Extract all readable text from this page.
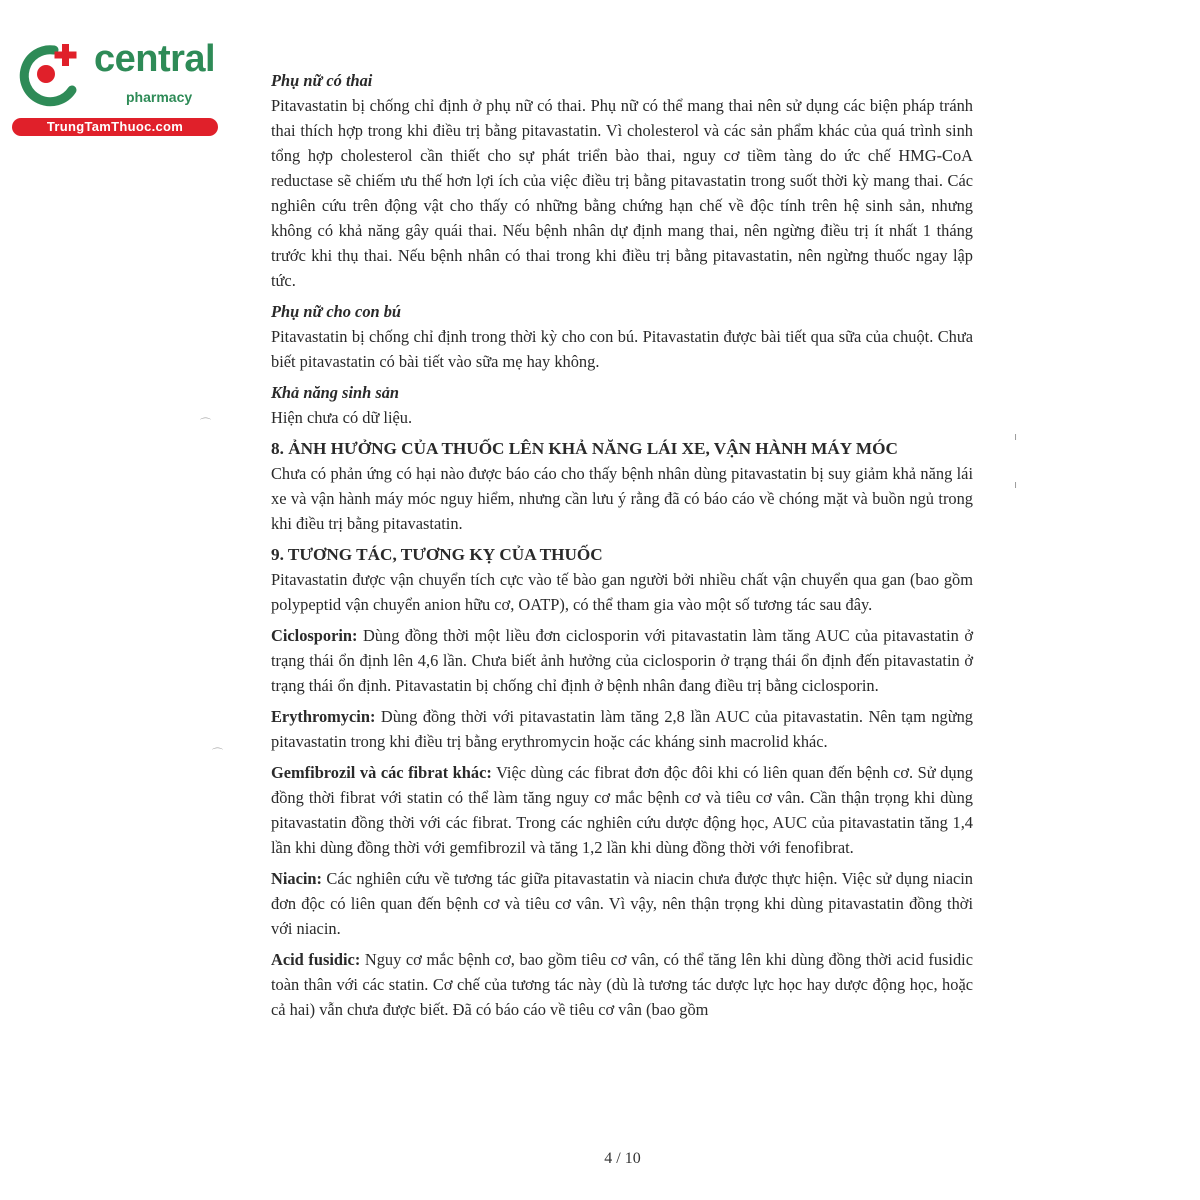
central
pharmacy
TrungTamThuoc.com

Phụ nữ có thai

Pitavastatin bị chống chỉ định ở phụ nữ có thai. Phụ nữ có thể mang thai nên sử dụng các biện pháp tránh thai thích hợp trong khi điều trị bằng pitavastatin. Vì cholesterol và các sản phẩm khác của quá trình sinh tổng hợp cholesterol cần thiết cho sự phát triển bào thai, nguy cơ tiềm tàng do ức chế HMG-CoA reductase sẽ chiếm ưu thế hơn lợi ích của việc điều trị bằng pitavastatin trong suốt thời kỳ mang thai. Các nghiên cứu trên động vật cho thấy có những bằng chứng hạn chế về độc tính trên hệ sinh sản, nhưng không có khả năng gây quái thai. Nếu bệnh nhân dự định mang thai, nên ngừng điều trị ít nhất 1 tháng trước khi thụ thai. Nếu bệnh nhân có thai trong khi điều trị bằng pitavastatin, nên ngừng thuốc ngay lập tức.

Phụ nữ cho con bú

Pitavastatin bị chống chỉ định trong thời kỳ cho con bú. Pitavastatin được bài tiết qua sữa của chuột. Chưa biết pitavastatin có bài tiết vào sữa mẹ hay không.

Khả năng sinh sản

Hiện chưa có dữ liệu.

8. ẢNH HƯỞNG CỦA THUỐC LÊN KHẢ NĂNG LÁI XE, VẬN HÀNH MÁY MÓC

Chưa có phản ứng có hại nào được báo cáo cho thấy bệnh nhân dùng pitavastatin bị suy giảm khả năng lái xe và vận hành máy móc nguy hiểm, nhưng cần lưu ý rằng đã có báo cáo về chóng mặt và buồn ngủ trong khi điều trị bằng pitavastatin.

9. TƯƠNG TÁC, TƯƠNG KỴ CỦA THUỐC

Pitavastatin được vận chuyển tích cực vào tế bào gan người bởi nhiều chất vận chuyển qua gan (bao gồm polypeptid vận chuyển anion hữu cơ, OATP), có thể tham gia vào một số tương tác sau đây.

Ciclosporin: Dùng đồng thời một liều đơn ciclosporin với pitavastatin làm tăng AUC của pitavastatin ở trạng thái ổn định lên 4,6 lần. Chưa biết ảnh hưởng của ciclosporin ở trạng thái ổn định đến pitavastatin ở trạng thái ổn định. Pitavastatin bị chống chỉ định ở bệnh nhân đang điều trị bằng ciclosporin.

Erythromycin: Dùng đồng thời với pitavastatin làm tăng 2,8 lần AUC của pitavastatin. Nên tạm ngừng pitavastatin trong khi điều trị bằng erythromycin hoặc các kháng sinh macrolid khác.

Gemfibrozil và các fibrat khác: Việc dùng các fibrat đơn độc đôi khi có liên quan đến bệnh cơ. Sử dụng đồng thời fibrat với statin có thể làm tăng nguy cơ mắc bệnh cơ và tiêu cơ vân. Cần thận trọng khi dùng pitavastatin đồng thời với các fibrat. Trong các nghiên cứu dược động học, AUC của pitavastatin tăng 1,4 lần khi dùng đồng thời với gemfibrozil và tăng 1,2 lần khi dùng đồng thời với fenofibrat.

Niacin: Các nghiên cứu về tương tác giữa pitavastatin và niacin chưa được thực hiện. Việc sử dụng niacin đơn độc có liên quan đến bệnh cơ và tiêu cơ vân. Vì vậy, nên thận trọng khi dùng pitavastatin đồng thời với niacin.

Acid fusidic: Nguy cơ mắc bệnh cơ, bao gồm tiêu cơ vân, có thể tăng lên khi dùng đồng thời acid fusidic toàn thân với các statin. Cơ chế của tương tác này (dù là tương tác dược lực học hay dược động học, hoặc cả hai) vẫn chưa được biết. Đã có báo cáo về tiêu cơ vân (bao gồm

4 / 10
⌒
⌒
ı
ı
